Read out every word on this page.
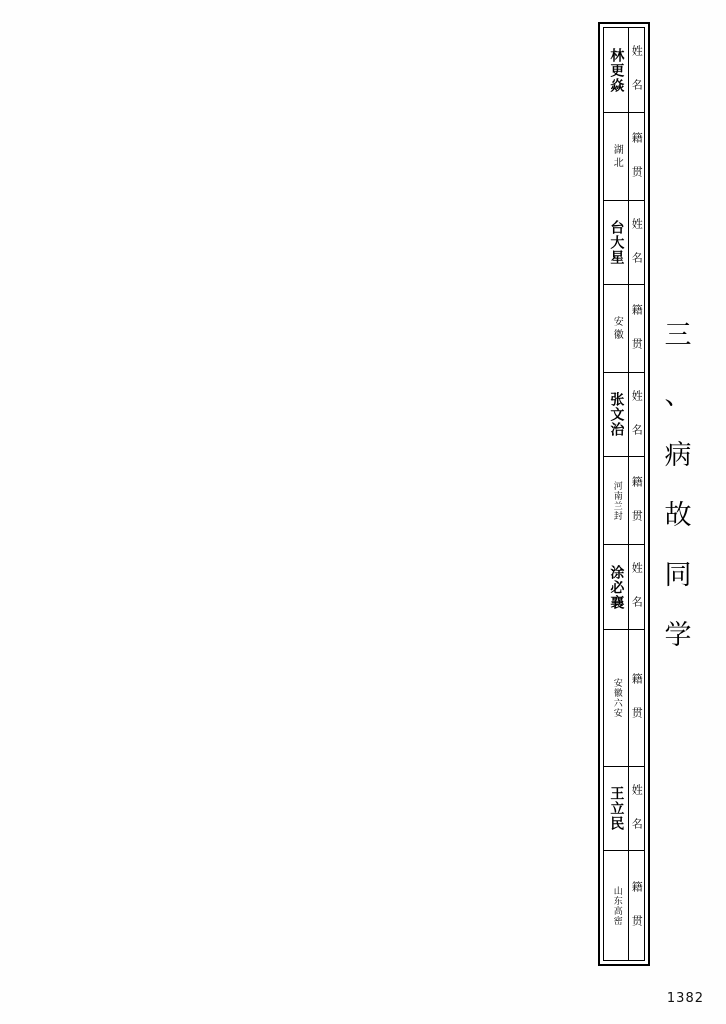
三
、
病
故
同
学
林更焱
湖北
台大星
安徽
张文治
河南兰封
涂必襄
安徽六安
王立民
山东高密
姓 名
籍 贯
姓 名
籍 贯
姓 名
籍 贯
姓 名
籍 贯
姓 名
籍 贯
1382
